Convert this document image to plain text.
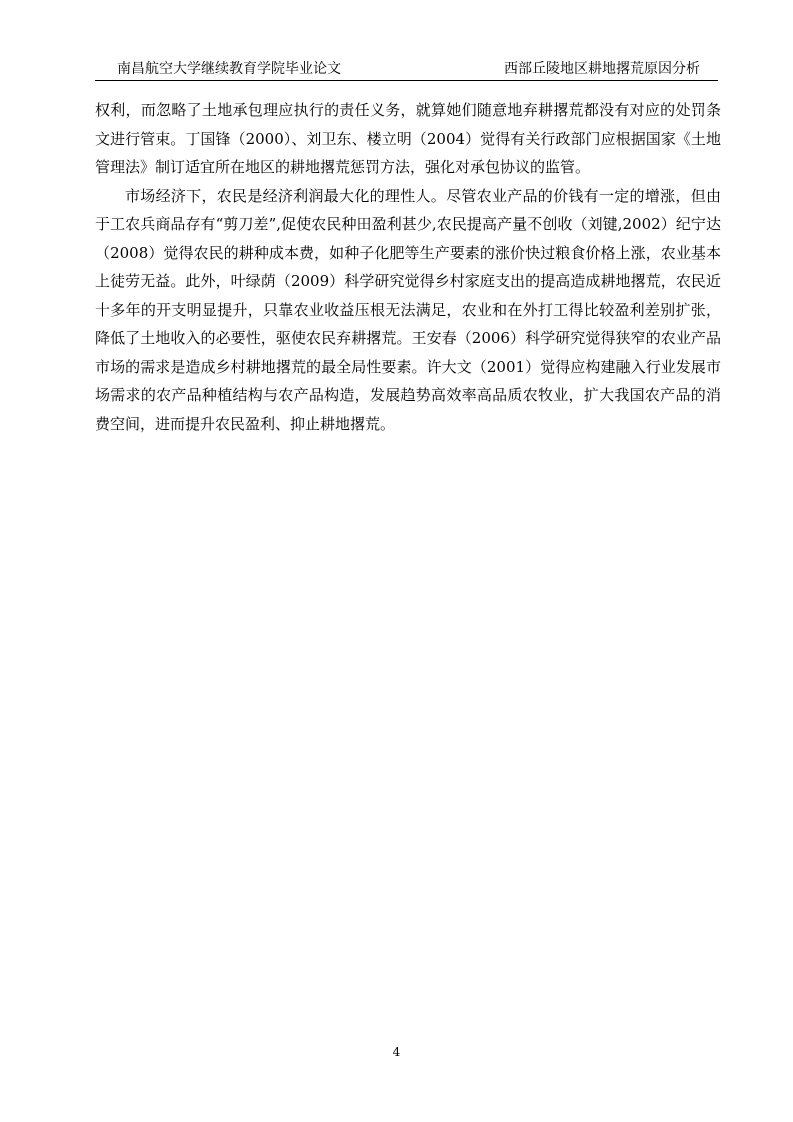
南昌航空大学继续教育学院毕业论文	西部丘陵地区耕地撂荒原因分析

权利，而忽略了土地承包理应执行的责任义务，就算她们随意地弃耕撂荒都没有对应的处罚条文进行管束。丁国锋（2000）、刘卫东、楼立明（2004）觉得有关行政部门应根据国家《土地管理法》制订适宜所在地区的耕地撂荒惩罚方法，强化对承包协议的监管。

市场经济下，农民是经济利润最大化的理性人。尽管农业产品的价钱有一定的增涨，但由于工农兵商品存有“剪刀差”,促使农民种田盈利甚少,农民提高产量不创收（刘键,2002）纪宁达（2008）觉得农民的耕种成本费，如种子化肥等生产要素的涨价快过粮食价格上涨，农业基本上徒劳无益。此外，叶绿荫（2009）科学研究觉得乡村家庭支出的提高造成耕地撂荒，农民近十多年的开支明显提升，只靠农业收益压根无法满足，农业和在外打工得比较盈利差别扩张，降低了土地收入的必要性，驱使农民弃耕撂荒。王安春（2006）科学研究觉得狭窄的农业产品市场的需求是造成乡村耕地撂荒的最全局性要素。许大文（2001）觉得应构建融入行业发展市场需求的农产品种植结构与农产品构造，发展趋势高效率高品质农牧业，扩大我国农产品的消费空间，进而提升农民盈利、抑止耕地撂荒。

4
